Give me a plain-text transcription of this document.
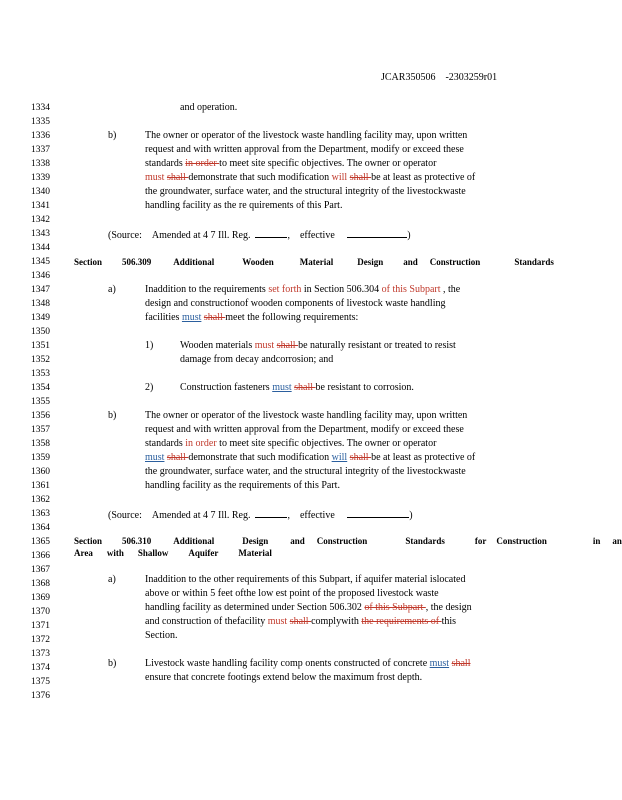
JCAR350506 -2303259r01
1334
1335
1336
1337
1338
1339
1340
1341
1342
1343
1344
1345
1346
1347
1348
1349
1350
1351
1352
1353
1354
1355
1356
1357
1358
1359
1360
1361
1362
1363
1364
1365
1366
1367
1368
1369
1370
1371
1372
1373
1374
1375
1376
and operation.
b)	The owner or operator of the livestock waste handling facility may, upon written
request and with written approval from the Department, modify or exceed these
standards in order to meet site specific objectives. The owner or operator
must shall demonstrate that such modification will shall be at least as protective of
the groundwater, surface water, and the structural integrity of the livestockwaste
handling facility as the re quirements of this Part.
(Source: Amended at 4 7 Ill. Reg.	, effective	)
Section 506.309 Additional	Wooden	Material	Design and Construction	Standards
a)	Inaddition to the requirements set forth in Section 506.304 of this Subpart , the
design and constructionof wooden components of livestock waste handling
facilities must shall meet the following requirements:
1)	Wooden materials must shall be naturally resistant or treated to resist
damage from decay andcorrosion; and
2)	Construction fasteners must shall be resistant to corrosion.
b)	The owner or operator of the livestock waste handling facility may, upon written
request and with written approval from the Department, modify or exceed these
standards in order to meet site specific objectives. The owner or operator
must shall demonstrate that such modification will shall be at least as protective of
the groundwater, surface water, and the structural integrity of the livestockwaste
handling facility as the requirements of this Part.
(Source: Amended at 4 7 Ill. Reg.	, effective	)
Section 506.310 Additional	Design and Construction	Standards	for Construction	in an
Area with Shallow Aquifer Material
a)	Inaddition to the other requirements of this Subpart, if aquifer material islocated
above or within 5 feet ofthe low est point of the proposed livestock waste
handling facility as determined under Section 506.302 of this Subpart , the design
and construction of thefacility must shall complywith the requirements of this
Section.
b)	Livestock waste handling facility comp onents constructed of concrete must shall
ensure that concrete footings extend below the maximum frost depth.
